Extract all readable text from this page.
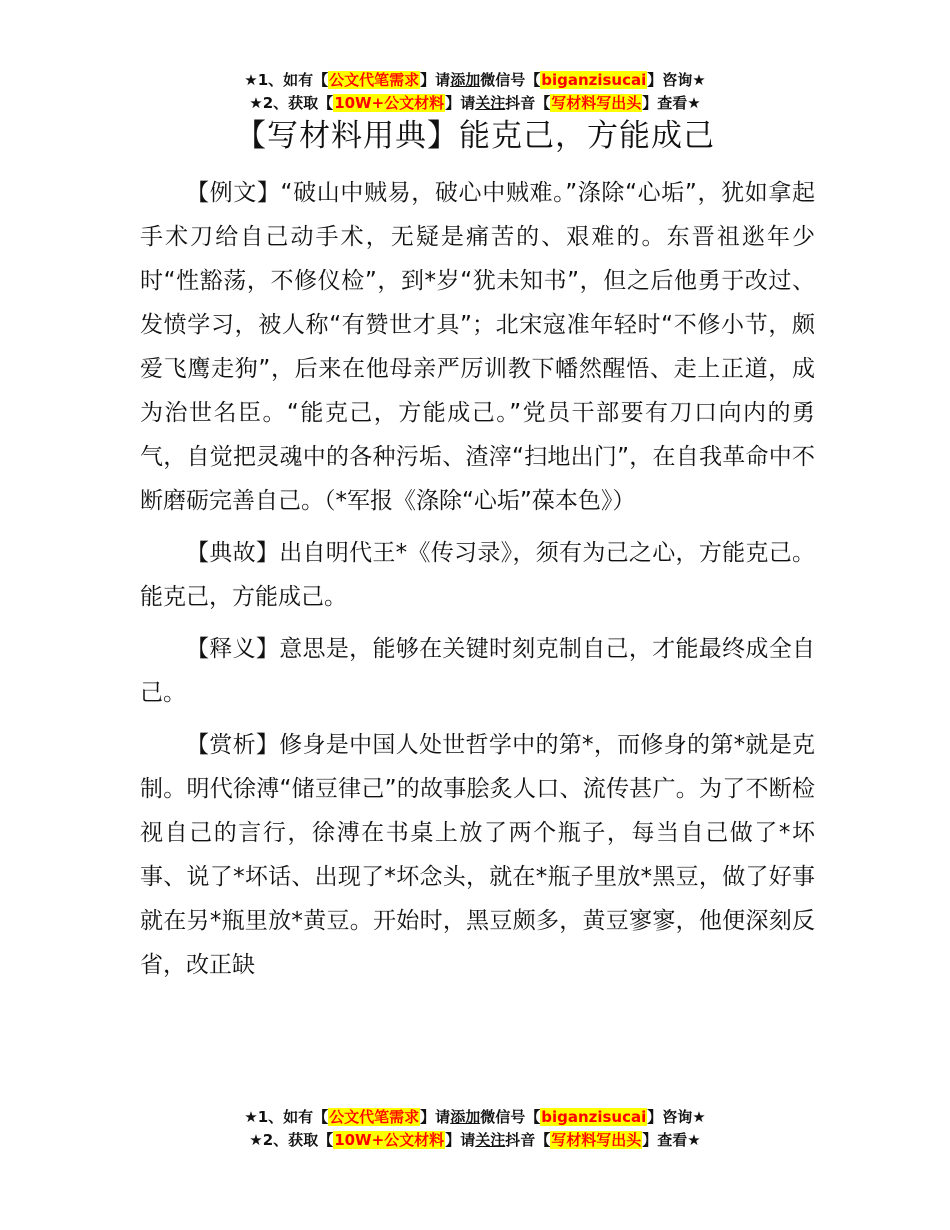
★1、如有【公文代笔需求】请添加微信号【biganzisucai】咨询★
★2、获取【10W+公文材料】请关注抖音【写材料写出头】查看★
【写材料用典】能克己，方能成己

【例文】“破山中贼易，破心中贼难。”涤除“心垢”，犹如拿起手术刀给自己动手术，无疑是痛苦的、艰难的。东晋祖逖年少时“性豁荡，不修仪检”，到*岁“犹未知书”，但之后他勇于改过、发愤学习，被人称“有赞世才具”；北宋寇准年轻时“不修小节，颇爱飞鹰走狗”，后来在他母亲严厉训教下幡然醒悟、走上正道，成为治世名臣。“能克己，方能成己。”党员干部要有刀口向内的勇气，自觉把灵魂中的各种污垢、渣滓“扫地出门”，在自我革命中不断磨砺完善自己。（*军报《涤除“心垢”葆本色》）

【典故】出自明代王*《传习录》，须有为己之心，方能克己。能克己，方能成己。

【释义】意思是，能够在关键时刻克制自己，才能最终成全自己。

【赏析】修身是中国人处世哲学中的第*，而修身的第*就是克制。明代徐溥“储豆律己”的故事脍炙人口、流传甚广。为了不断检视自己的言行，徐溥在书桌上放了两个瓶子，每当自己做了*坏事、说了*坏话、出现了*坏念头，就在*瓶子里放*黑豆，做了好事就在另*瓶里放*黄豆。开始时，黑豆颇多，黄豆寥寥，他便深刻反省，改正缺

★1、如有【公文代笔需求】请添加微信号【biganzisucai】咨询★
★2、获取【10W+公文材料】请关注抖音【写材料写出头】查看★
